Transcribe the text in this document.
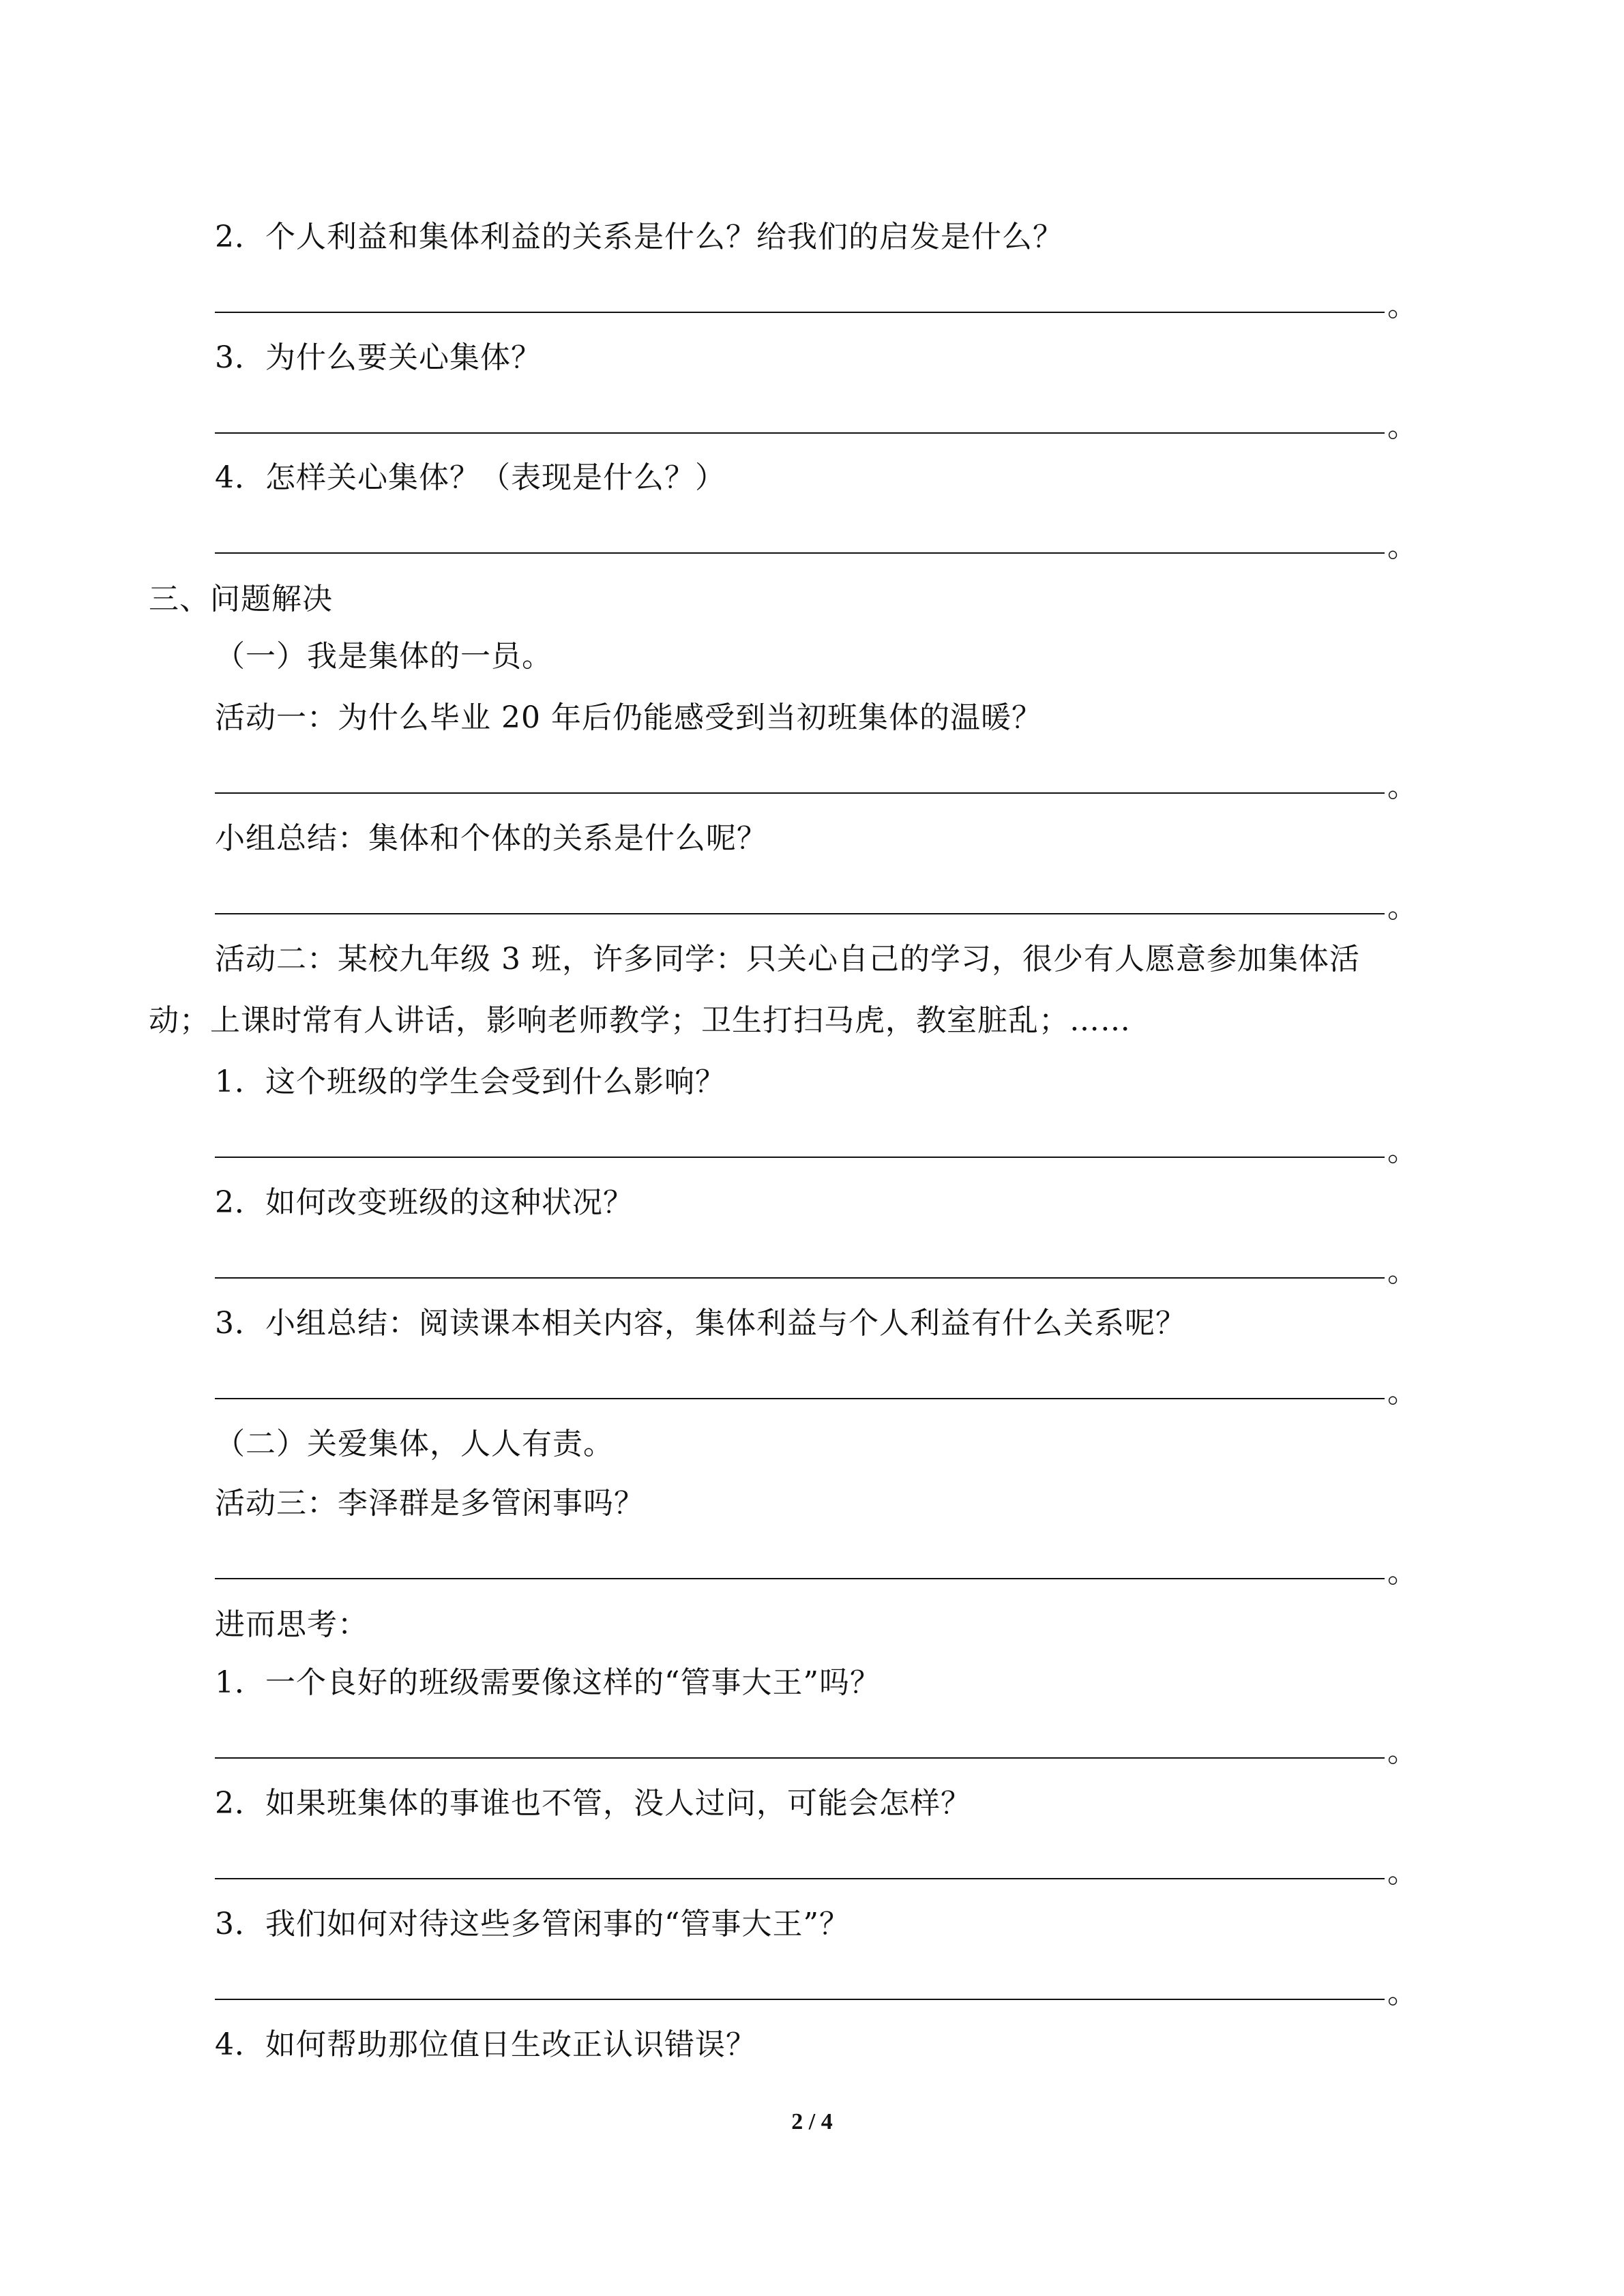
2．个人利益和集体利益的关系是什么？给我们的启发是什么？
。
3．为什么要关心集体？
。
4．怎样关心集体？（表现是什么？）
。
三、问题解决
（一）我是集体的一员。
活动一：为什么毕业 20 年后仍能感受到当初班集体的温暖？
。
小组总结：集体和个体的关系是什么呢？
。
活动二：某校九年级 3 班，许多同学：只关心自己的学习，很少有人愿意参加集体活
动；上课时常有人讲话，影响老师教学；卫生打扫马虎，教室脏乱；……
1．这个班级的学生会受到什么影响？
。
2．如何改变班级的这种状况？
。
3．小组总结：阅读课本相关内容，集体利益与个人利益有什么关系呢？
。
（二）关爱集体，人人有责。
活动三：李泽群是多管闲事吗？
。
进而思考：
1．一个良好的班级需要像这样的“管事大王”吗？
。
2．如果班集体的事谁也不管，没人过问，可能会怎样？
。
3．我们如何对待这些多管闲事的“管事大王”？
。
4．如何帮助那位值日生改正认识错误？
2 / 4
